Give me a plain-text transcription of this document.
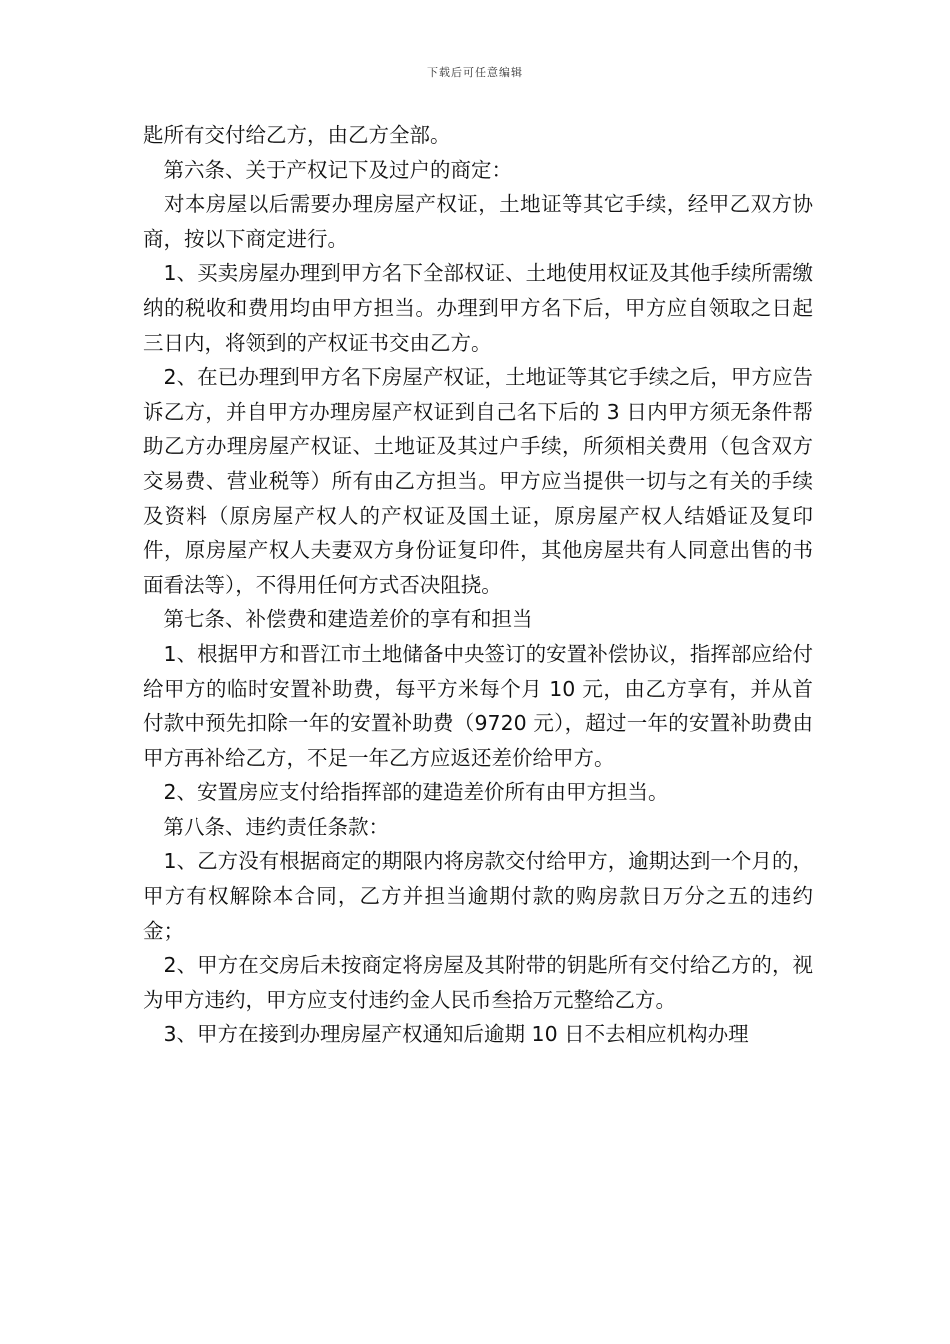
下载后可任意编辑

匙所有交付给乙方，由乙方全部。

　第六条、关于产权记下及过户的商定：

　对本房屋以后需要办理房屋产权证，土地证等其它手续，经甲乙双方协商，按以下商定进行。

　1、买卖房屋办理到甲方名下全部权证、土地使用权证及其他手续所需缴纳的税收和费用均由甲方担当。办理到甲方名下后，甲方应自领取之日起三日内，将领到的产权证书交由乙方。

　2、在已办理到甲方名下房屋产权证，土地证等其它手续之后，甲方应告诉乙方，并自甲方办理房屋产权证到自己名下后的 3 日内甲方须无条件帮助乙方办理房屋产权证、土地证及其过户手续，所须相关费用（包含双方交易费、营业税等）所有由乙方担当。甲方应当提供一切与之有关的手续及资料（原房屋产权人的产权证及国土证，原房屋产权人结婚证及复印件，原房屋产权人夫妻双方身份证复印件，其他房屋共有人同意出售的书面看法等），不得用任何方式否决阻挠。

　第七条、补偿费和建造差价的享有和担当

　1、根据甲方和晋江市土地储备中央签订的安置补偿协议，指挥部应给付给甲方的临时安置补助费，每平方米每个月 10 元，由乙方享有，并从首付款中预先扣除一年的安置补助费（9720 元），超过一年的安置补助费由甲方再补给乙方，不足一年乙方应返还差价给甲方。

　2、安置房应支付给指挥部的建造差价所有由甲方担当。

　第八条、违约责任条款：

　1、乙方没有根据商定的期限内将房款交付给甲方，逾期达到一个月的，甲方有权解除本合同，乙方并担当逾期付款的购房款日万分之五的违约金；

　2、甲方在交房后未按商定将房屋及其附带的钥匙所有交付给乙方的，视为甲方违约，甲方应支付违约金人民币叁拾万元整给乙方。

　3、甲方在接到办理房屋产权通知后逾期 10 日不去相应机构办理
